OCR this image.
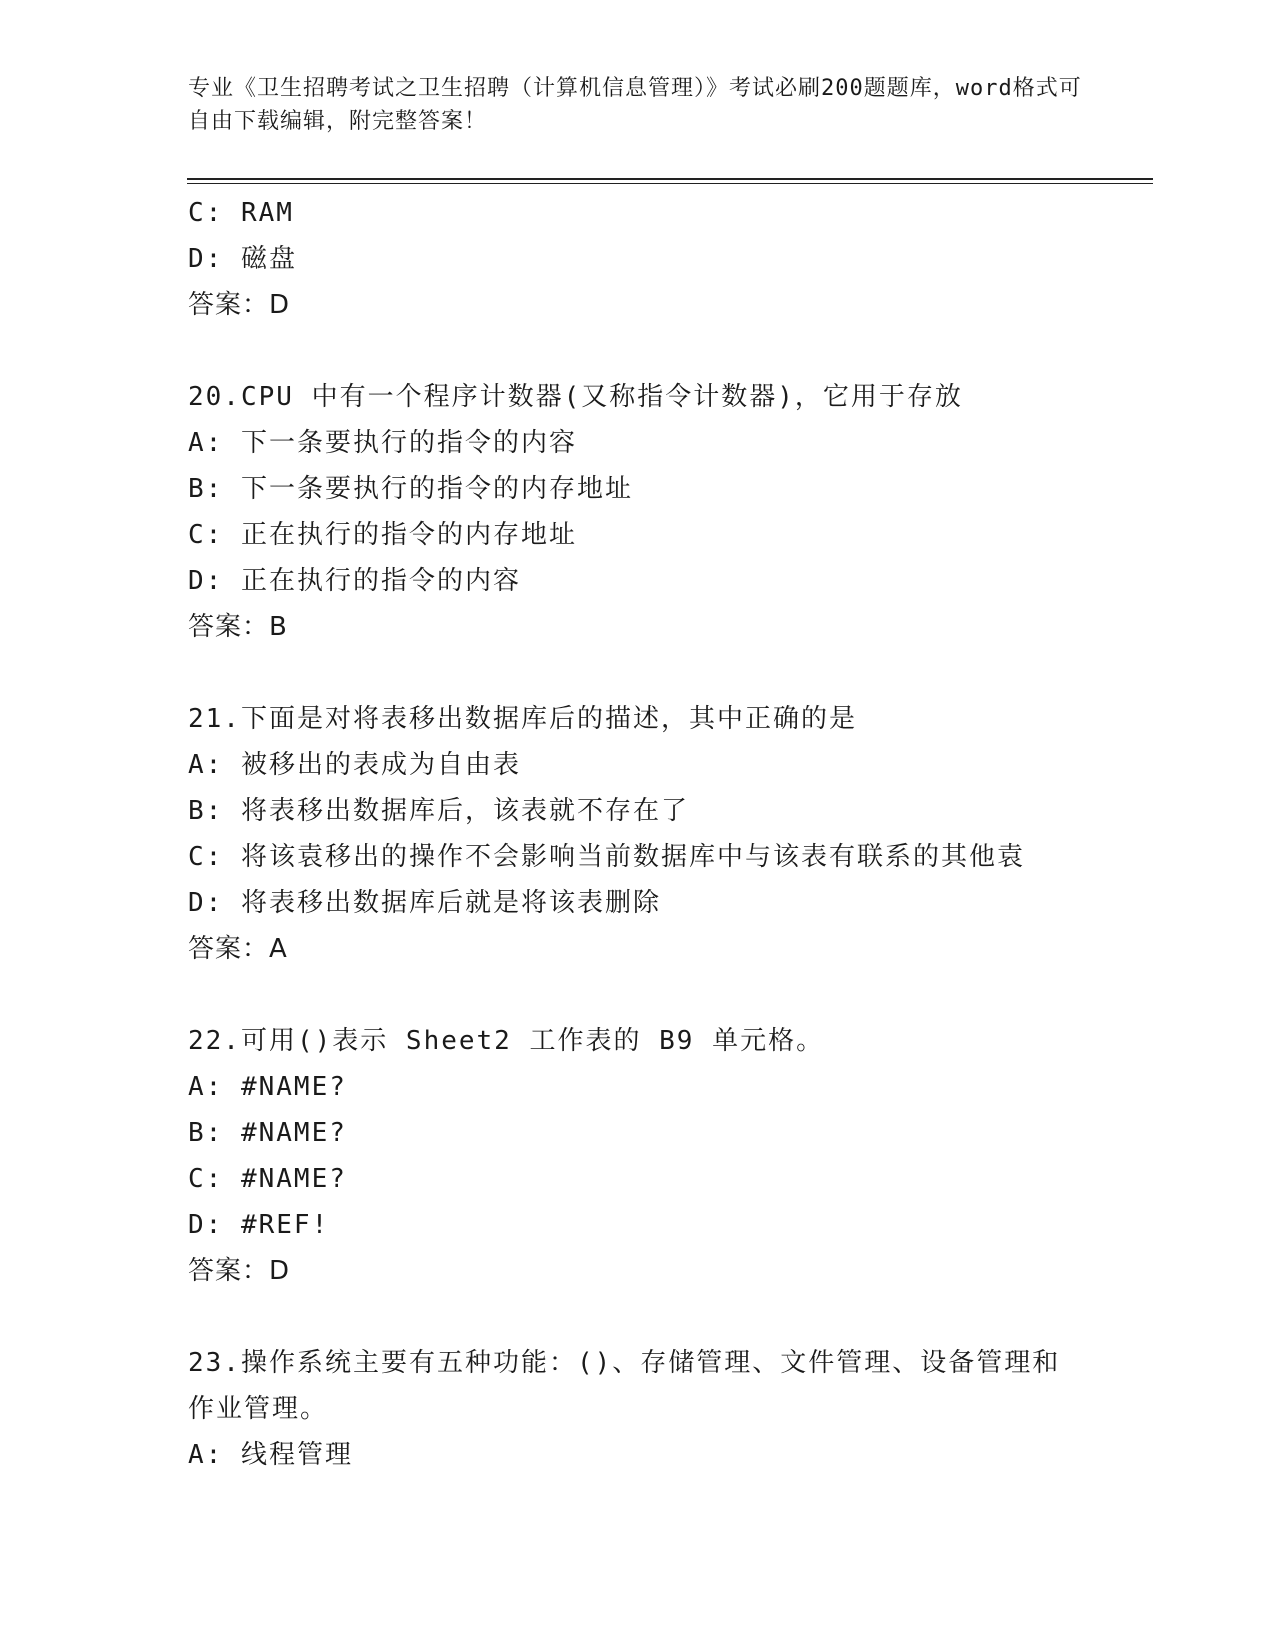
专业《卫生招聘考试之卫生招聘（计算机信息管理）》考试必刷200题题库，word格式可自由下载编辑，附完整答案！
C: RAM
D: 磁盘
答案：D
20.CPU 中有一个程序计数器(又称指令计数器)，它用于存放
A: 下一条要执行的指令的内容
B: 下一条要执行的指令的内存地址
C: 正在执行的指令的内存地址
D: 正在执行的指令的内容
答案：B
21.下面是对将表移出数据库后的描述，其中正确的是
A: 被移出的表成为自由表
B: 将表移出数据库后，该表就不存在了
C: 将该袁移出的操作不会影响当前数据库中与该表有联系的其他袁
D: 将表移出数据库后就是将该表删除
答案：A
22.可用()表示 Sheet2 工作表的 B9 单元格。
A: #NAME?
B: #NAME?
C: #NAME?
D: #REF!
答案：D
23.操作系统主要有五种功能：()、存储管理、文件管理、设备管理和作业管理。
A: 线程管理
